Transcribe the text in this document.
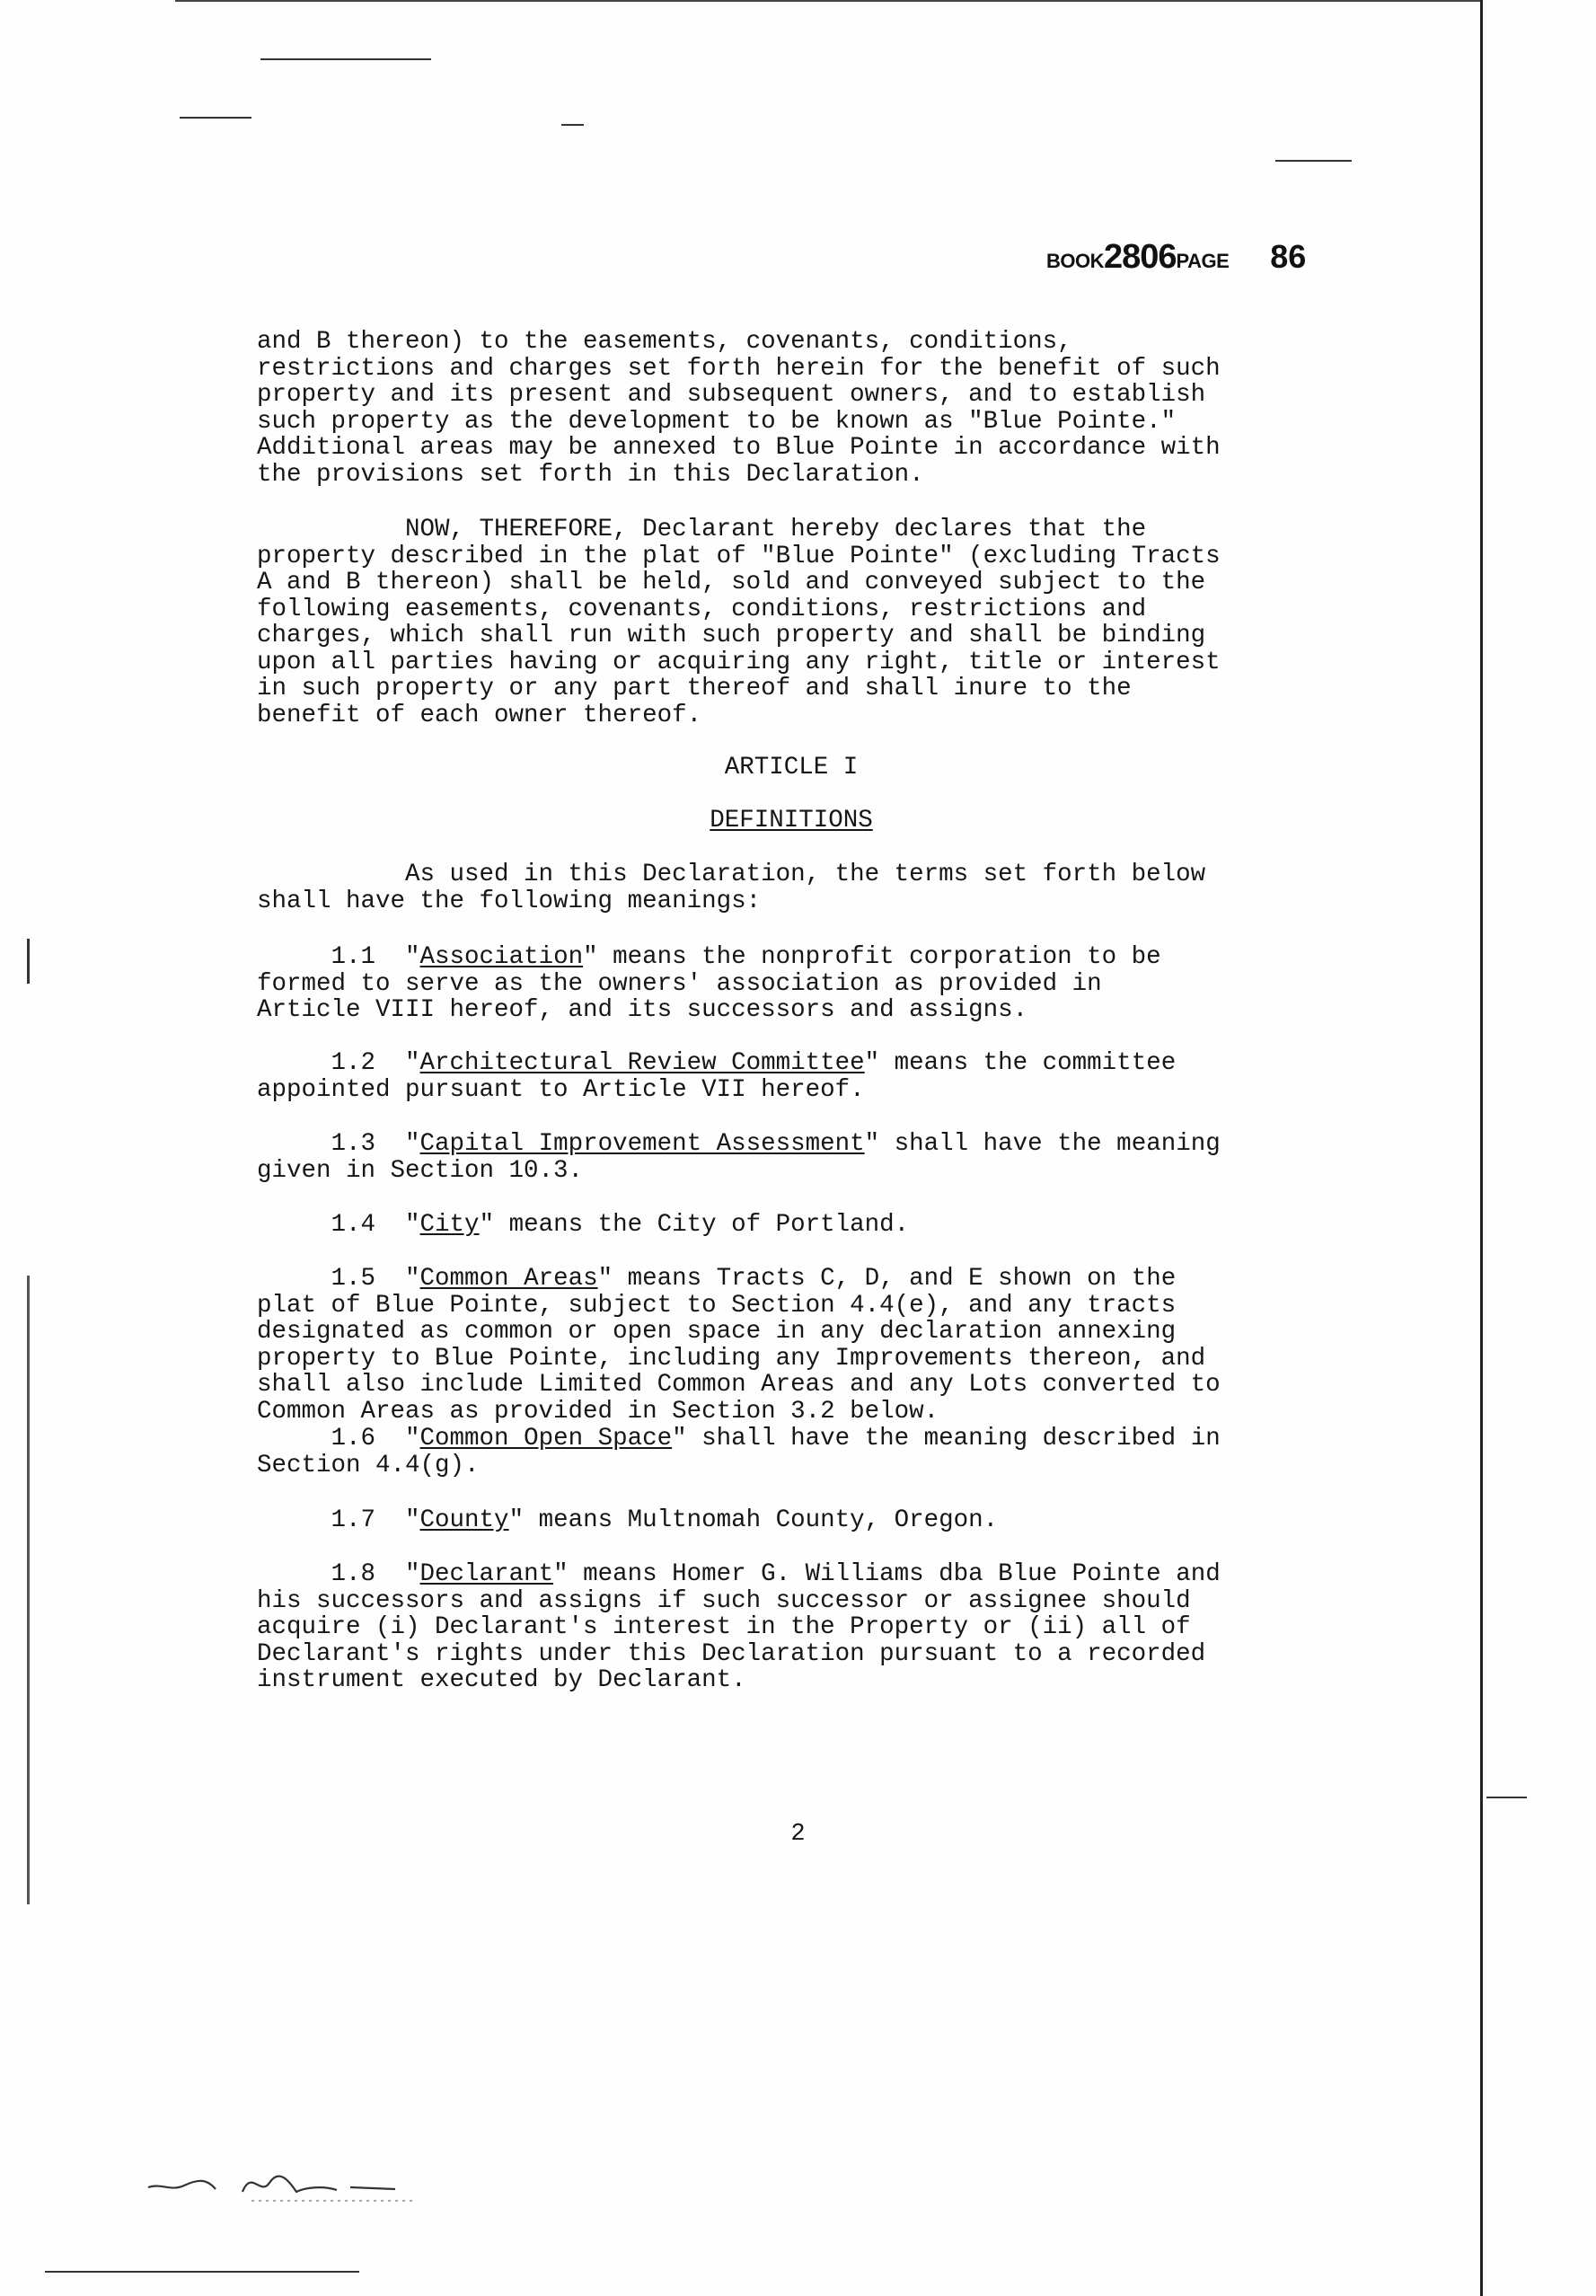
BOOK2806PAGE 86
and B thereon) to the easements, covenants, conditions,
restrictions and charges set forth herein for the benefit of such
property and its present and subsequent owners, and to establish
such property as the development to be known as "Blue Pointe."
Additional areas may be annexed to Blue Pointe in accordance with
the provisions set forth in this Declaration.
NOW, THEREFORE, Declarant hereby declares that the
property described in the plat of "Blue Pointe" (excluding Tracts
A and B thereon) shall be held, sold and conveyed subject to the
following easements, covenants, conditions, restrictions and
charges, which shall run with such property and shall be binding
upon all parties having or acquiring any right, title or interest
in such property or any part thereof and shall inure to the
benefit of each owner thereof.
ARTICLE I
DEFINITIONS
As used in this Declaration, the terms set forth below
shall have the following meanings:
1.1  "Association" means the nonprofit corporation to be
formed to serve as the owners' association as provided in
Article VIII hereof, and its successors and assigns.
1.2  "Architectural Review Committee" means the committee
appointed pursuant to Article VII hereof.
1.3  "Capital Improvement Assessment" shall have the meaning
given in Section 10.3.
1.4  "City" means the City of Portland.
1.5  "Common Areas" means Tracts C, D, and E shown on the
plat of Blue Pointe, subject to Section 4.4(e), and any tracts
designated as common or open space in any declaration annexing
property to Blue Pointe, including any Improvements thereon, and
shall also include Limited Common Areas and any Lots converted to
Common Areas as provided in Section 3.2 below.
1.6  "Common Open Space" shall have the meaning described in
Section 4.4(g).
1.7  "County" means Multnomah County, Oregon.
1.8  "Declarant" means Homer G. Williams dba Blue Pointe and
his successors and assigns if such successor or assignee should
acquire (i) Declarant's interest in the Property or (ii) all of
Declarant's rights under this Declaration pursuant to a recorded
instrument executed by Declarant.
2
